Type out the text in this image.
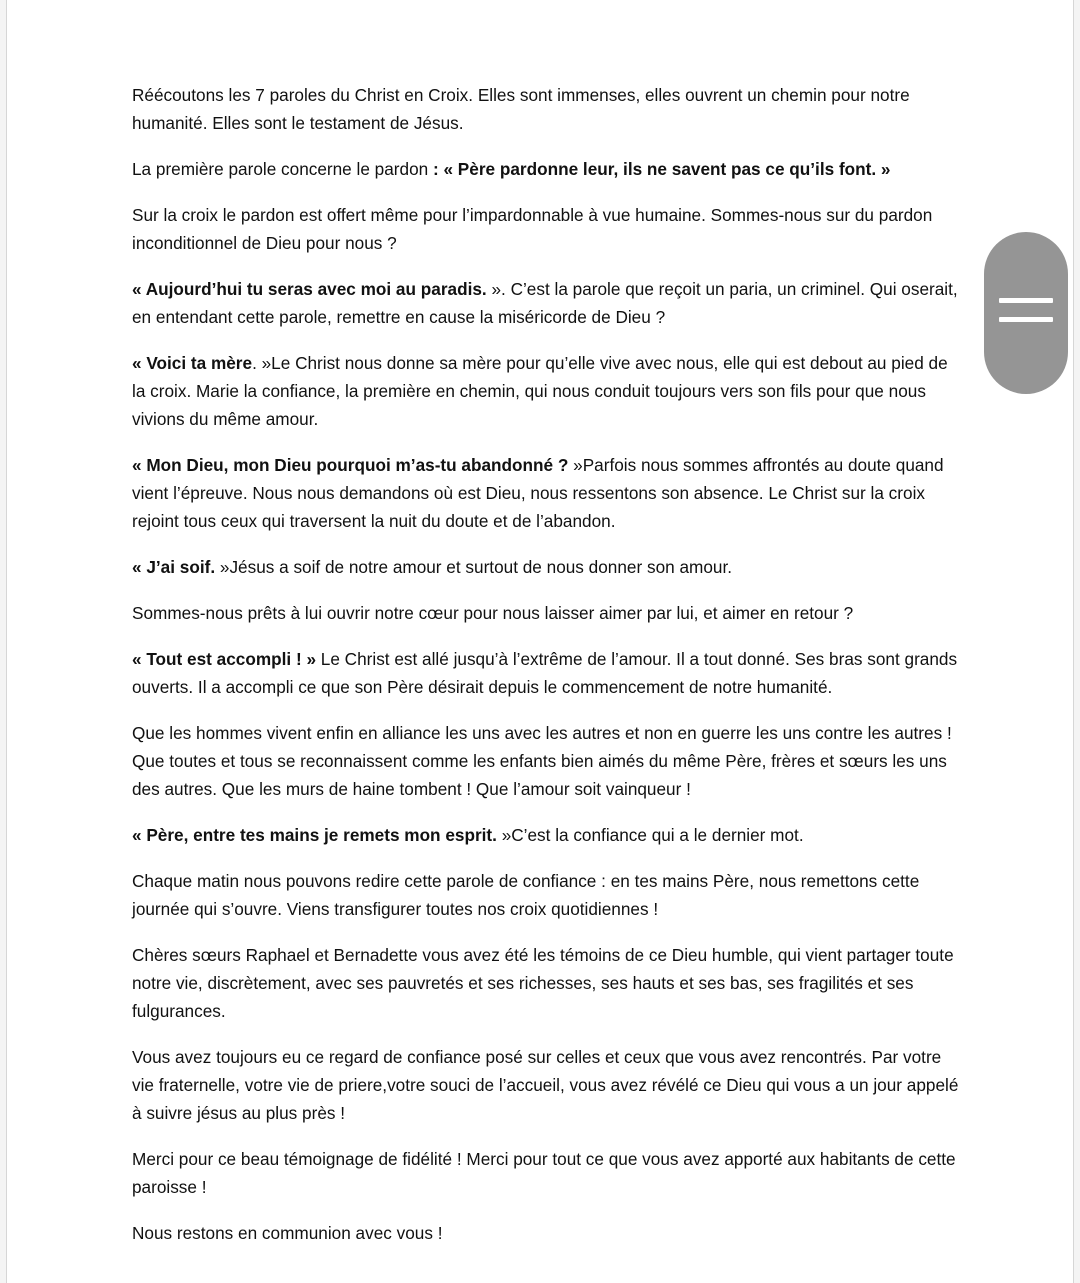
Réécoutons les 7 paroles du Christ en Croix. Elles sont immenses, elles ouvrent un chemin pour notre humanité. Elles sont le testament de Jésus.

La première parole concerne le pardon : « Père pardonne leur, ils ne savent pas ce qu’ils font. »

Sur la croix le pardon est offert même pour l’impardonnable à vue humaine. Sommes-nous sur du pardon inconditionnel de Dieu pour nous ?

« Aujourd’hui tu seras avec moi au paradis. ». C’est la parole que reçoit un paria, un criminel. Qui oserait, en entendant cette parole, remettre en cause la miséricorde de Dieu ?

« Voici ta mère. »Le Christ nous donne sa mère pour qu’elle vive avec nous, elle qui est debout au pied de la croix. Marie la confiance, la première en chemin, qui nous conduit toujours vers son fils pour que nous vivions du même amour.

« Mon Dieu, mon Dieu pourquoi m’as-tu abandonné ? »Parfois nous sommes affrontés au doute quand vient l’épreuve. Nous nous demandons où est Dieu, nous ressentons son absence. Le Christ sur la croix rejoint tous ceux qui traversent la nuit du doute et de l’abandon.

« J’ai soif. »Jésus a soif de notre amour et surtout de nous donner son amour.

Sommes-nous prêts à lui ouvrir notre cœur pour nous laisser aimer par lui, et aimer en retour ?

« Tout est accompli ! » Le Christ est allé jusqu’à l’extrême de l’amour. Il a tout donné. Ses bras sont grands ouverts. Il a accompli ce que son Père désirait depuis le commencement de notre humanité.

Que les hommes vivent enfin en alliance les uns avec les autres et non en guerre les uns contre les autres ! Que toutes et tous se reconnaissent comme les enfants bien aimés du même Père, frères et sœurs les uns des autres. Que les murs de haine tombent ! Que l’amour soit vainqueur !

« Père, entre tes mains je remets mon esprit. »C’est la confiance qui a le dernier mot.

Chaque matin nous pouvons redire cette parole de confiance : en tes mains Père, nous remettons cette journée qui s’ouvre. Viens transfigurer toutes nos croix quotidiennes !

Chères sœurs Raphael et Bernadette vous avez été les témoins de ce Dieu humble, qui vient partager toute notre vie, discrètement, avec ses pauvretés et ses richesses, ses hauts et ses bas, ses fragilités et ses fulgurances.

Vous avez toujours eu ce regard de confiance posé sur celles et ceux que vous avez rencontrés. Par votre vie fraternelle, votre vie de priere,votre souci de l’accueil, vous avez révélé ce Dieu qui vous a un jour appelé à suivre jésus au plus près !

Merci pour ce beau témoignage de fidélité ! Merci pour tout ce que vous avez apporté aux habitants de cette paroisse !

Nous restons en communion avec vous !
